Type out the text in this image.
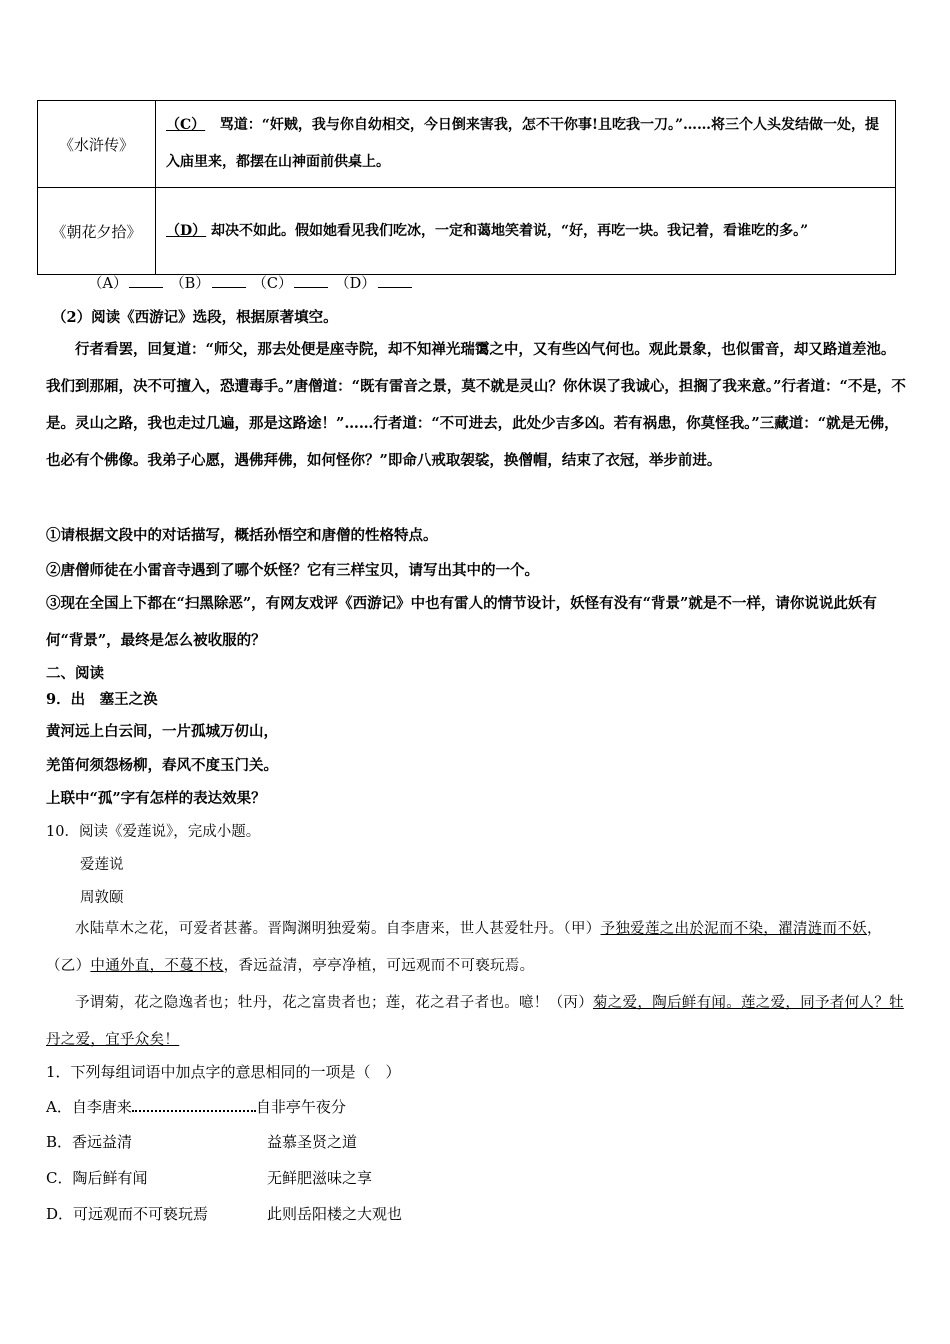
《水浒传》	（C） 骂道：“奸贼，我与你自幼相交，今日倒来害我，怎不干你事!且吃我一刀。”……将三个人头发结做一处，提入庙里来，都摆在山神面前供桌上。
《朝花夕拾》	（D） 却决不如此。假如她看见我们吃冰，一定和蔼地笑着说，“好，再吃一块。我记着，看谁吃的多。”
（A）	（B）	（C）	（D）
（2）阅读《西游记》选段，根据原著填空。
行者看罢，回复道：“师父，那去处便是座寺院，却不知禅光瑞霭之中，又有些凶气何也。观此景象，也似雷音，却又路道差池。我们到那厢，决不可擅入，恐遭毒手。”唐僧道：“既有雷音之景，莫不就是灵山？你休误了我诚心，担搁了我来意。”行者道：“不是，不是。灵山之路，我也走过几遍，那是这路途！”……行者道：“不可进去，此处少吉多凶。若有祸患，你莫怪我。”三藏道：“就是无佛，也必有个佛像。我弟子心愿，遇佛拜佛，如何怪你？”即命八戒取袈裟，换僧帽，结束了衣冠，举步前进。
①请根据文段中的对话描写，概括孙悟空和唐僧的性格特点。
②唐僧师徒在小雷音寺遇到了哪个妖怪？它有三样宝贝，请写出其中的一个。
③现在全国上下都在“扫黑除恶”，有网友戏评《西游记》中也有雷人的情节设计，妖怪有没有“背景”就是不一样，请你说说此妖有何“背景”，最终是怎么被收服的？
二、阅读
9．出　塞王之涣
黄河远上白云间，一片孤城万仞山，
羌笛何须怨杨柳，春风不度玉门关。
上联中“孤”字有怎样的表达效果？
10．阅读《爱莲说》，完成小题。
爱莲说
周敦颐
水陆草木之花，可爱者甚蕃。晋陶渊明独爱菊。自李唐来，世人甚爱牡丹。（甲）予独爱莲之出於泥而不染，濯清涟而不妖，（乙）中通外直，不蔓不枝，香远益清，亭亭净植，可远观而不可亵玩焉。
予谓菊，花之隐逸者也；牡丹，花之富贵者也；莲，花之君子者也。噫！（丙）菊之爱，陶后鲜有闻。莲之爱，同予者何人？牡丹之爱，宜乎众矣！
1．下列每组词语中加点字的意思相同的一项是（　）
A．自李唐来	自非亭午夜分
B．香远益清	益慕圣贤之道
C．陶后鲜有闻	无鲜肥滋味之享
D．可远观而不可亵玩焉	此则岳阳楼之大观也
